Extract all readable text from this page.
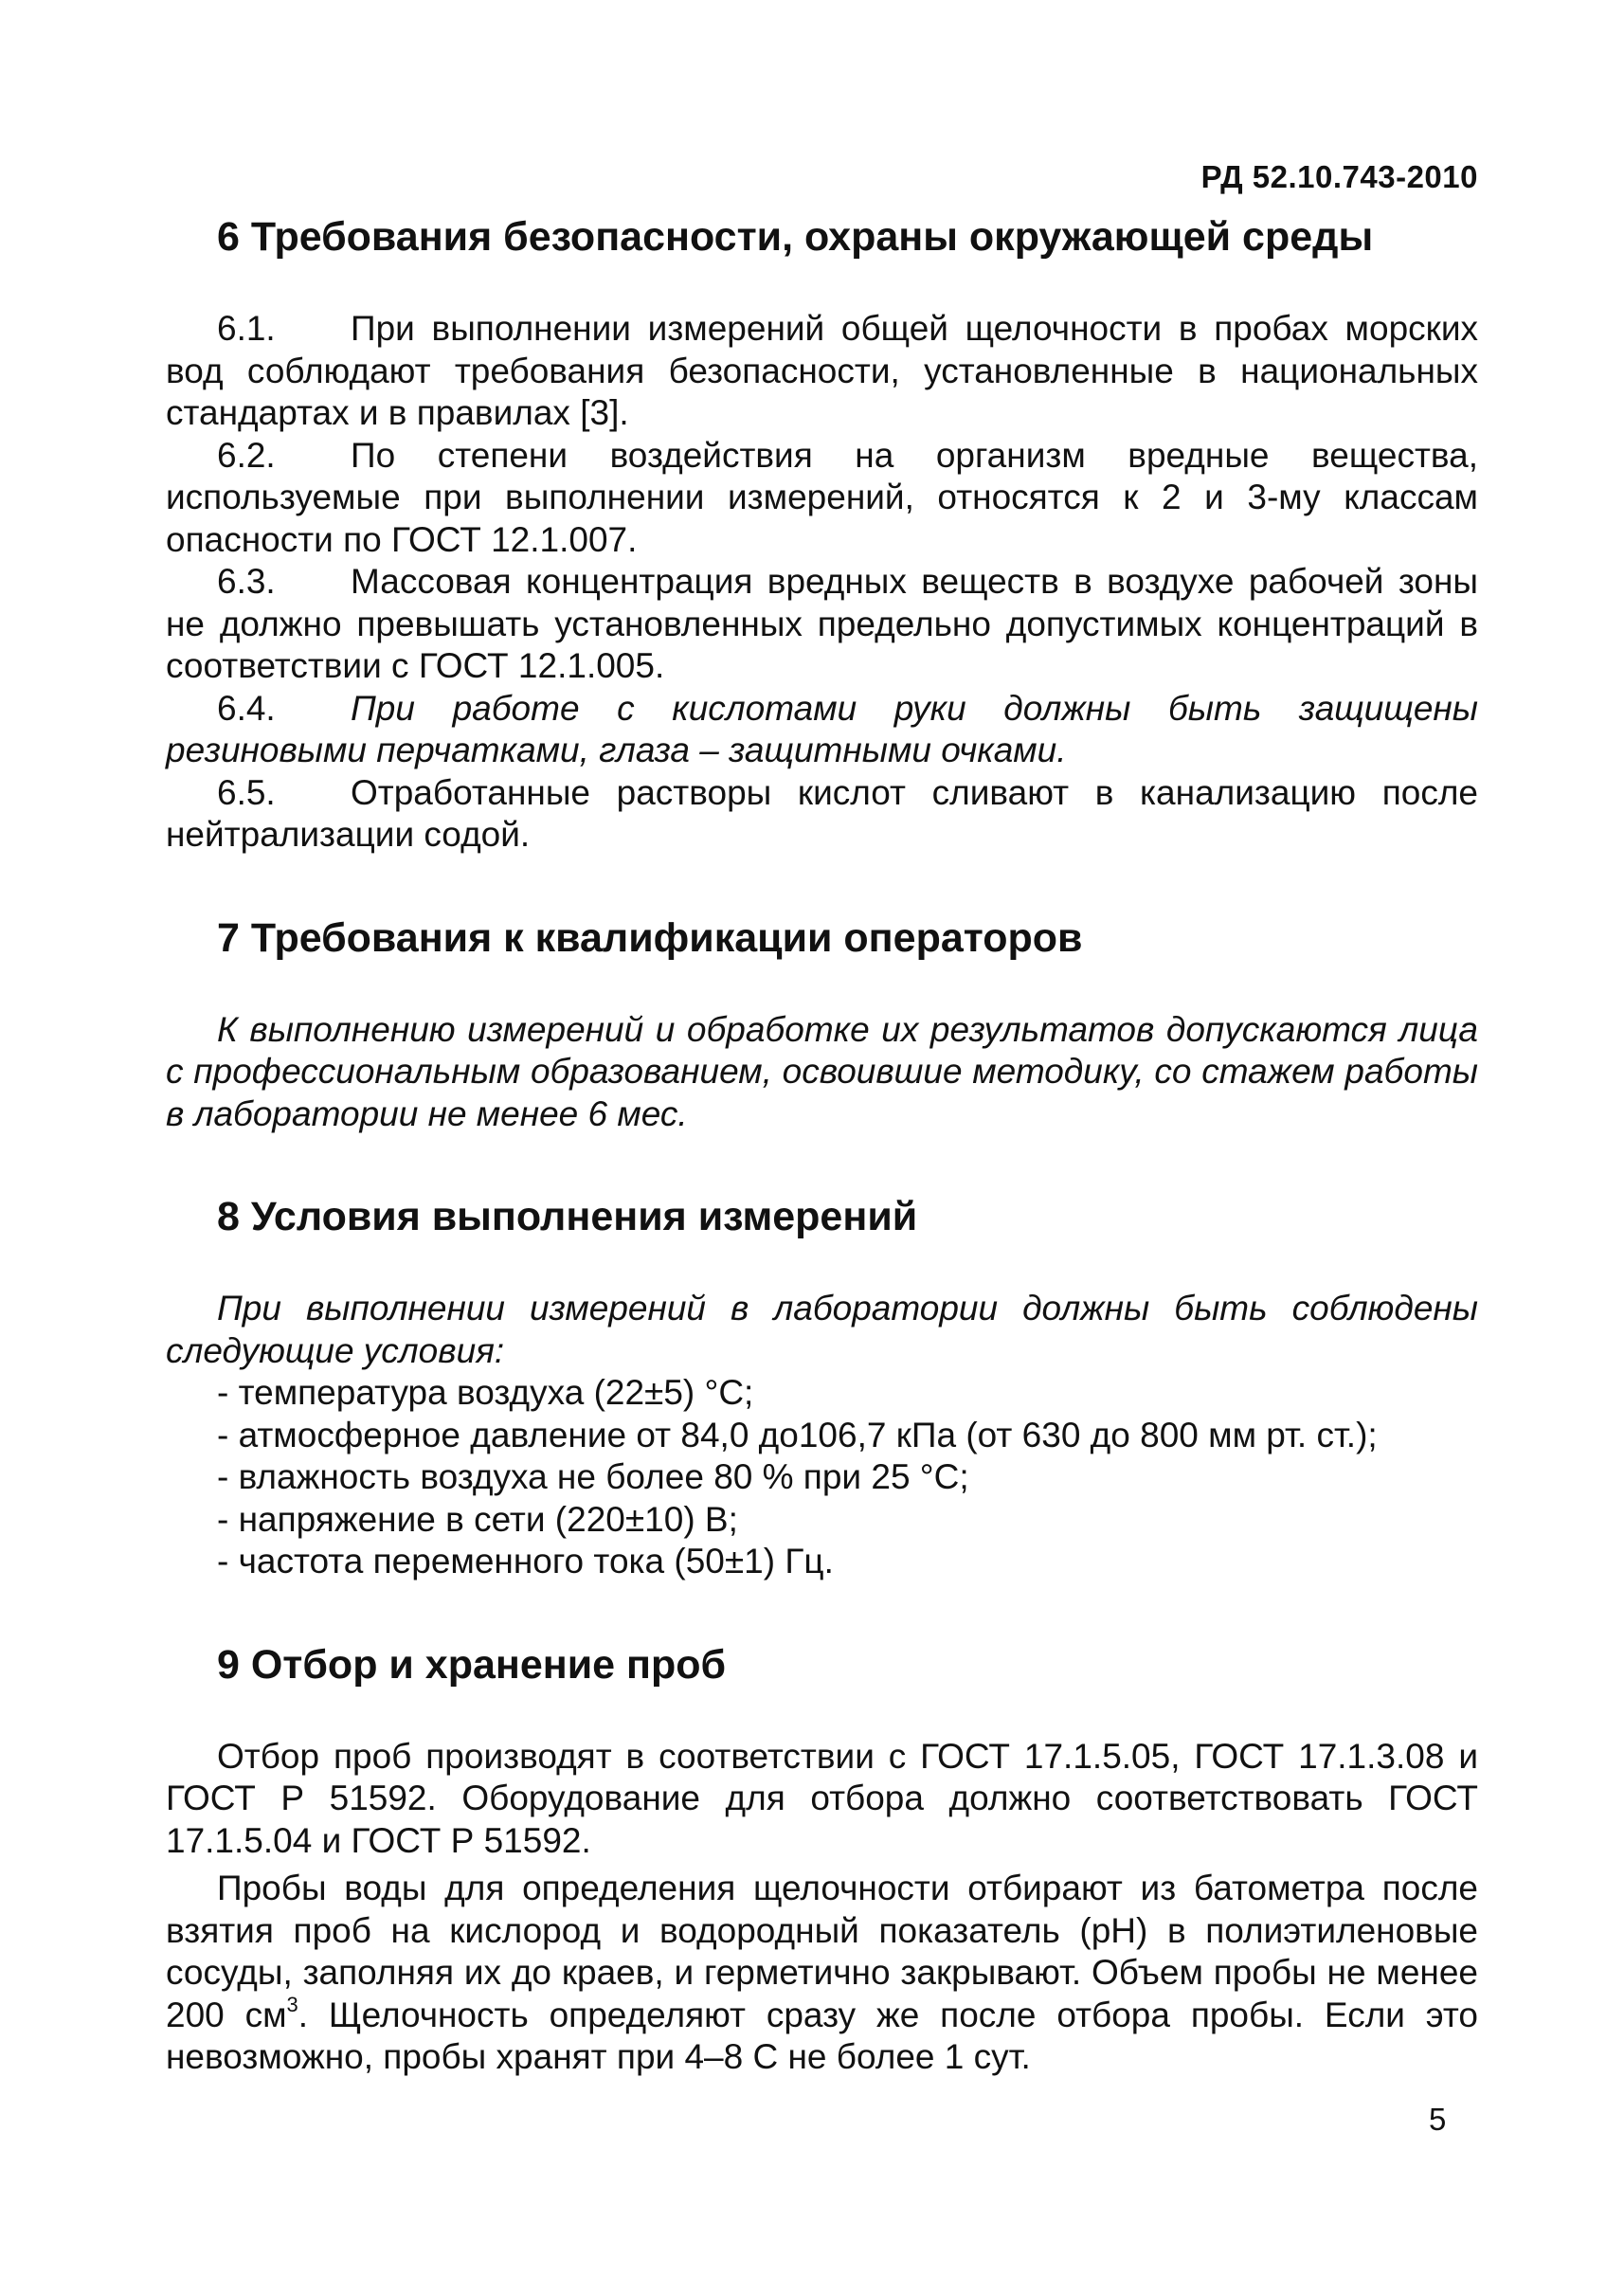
РД 52.10.743-2010
6 Требования безопасности, охраны окружающей среды

6.1. При выполнении измерений общей щелочности в пробах морских вод соблюдают требования безопасности, установленные в национальных стандартах и в правилах [3].

6.2. По степени воздействия на организм вредные вещества, используемые при выполнении измерений, относятся к 2 и 3-му классам опасности по ГОСТ 12.1.007.

6.3. Массовая концентрация вредных веществ в воздухе рабочей зоны не должно превышать установленных предельно допустимых концентраций в соответствии с ГОСТ 12.1.005.

6.4. При работе с кислотами руки должны быть защищены резиновыми перчатками, глаза – защитными очками.

6.5. Отработанные растворы кислот сливают в канализацию после нейтрализации содой.

7 Требования к квалификации операторов

К выполнению измерений и обработке их результатов допускаются лица с профессиональным образованием, освоившие методику, со стажем работы в лаборатории не менее 6 мес.

8 Условия выполнения измерений

При выполнении измерений в лаборатории должны быть соблюдены следующие условия:

- температура воздуха (22±5) °С;
- атмосферное давление от 84,0 до106,7 кПа (от 630 до 800 мм рт. ст.);
- влажность воздуха не более 80 % при 25 °С;
- напряжение в сети (220±10) В;
- частота переменного тока (50±1) Гц.
9 Отбор и хранение проб

Отбор проб производят в соответствии с ГОСТ 17.1.5.05, ГОСТ 17.1.3.08 и ГОСТ Р 51592. Оборудование для отбора должно соответствовать ГОСТ 17.1.5.04 и ГОСТ Р 51592.

Пробы воды для определения щелочности отбирают из батометра после взятия проб на кислород и водородный показатель (рН) в полиэтиленовые сосуды, заполняя их до краев, и герметично закрывают. Объем пробы не менее 200 $см^3$. Щелочность определяют сразу же после отбора пробы. Если это невозможно, пробы хранят при 4–8 С не более 1 сут.

5
